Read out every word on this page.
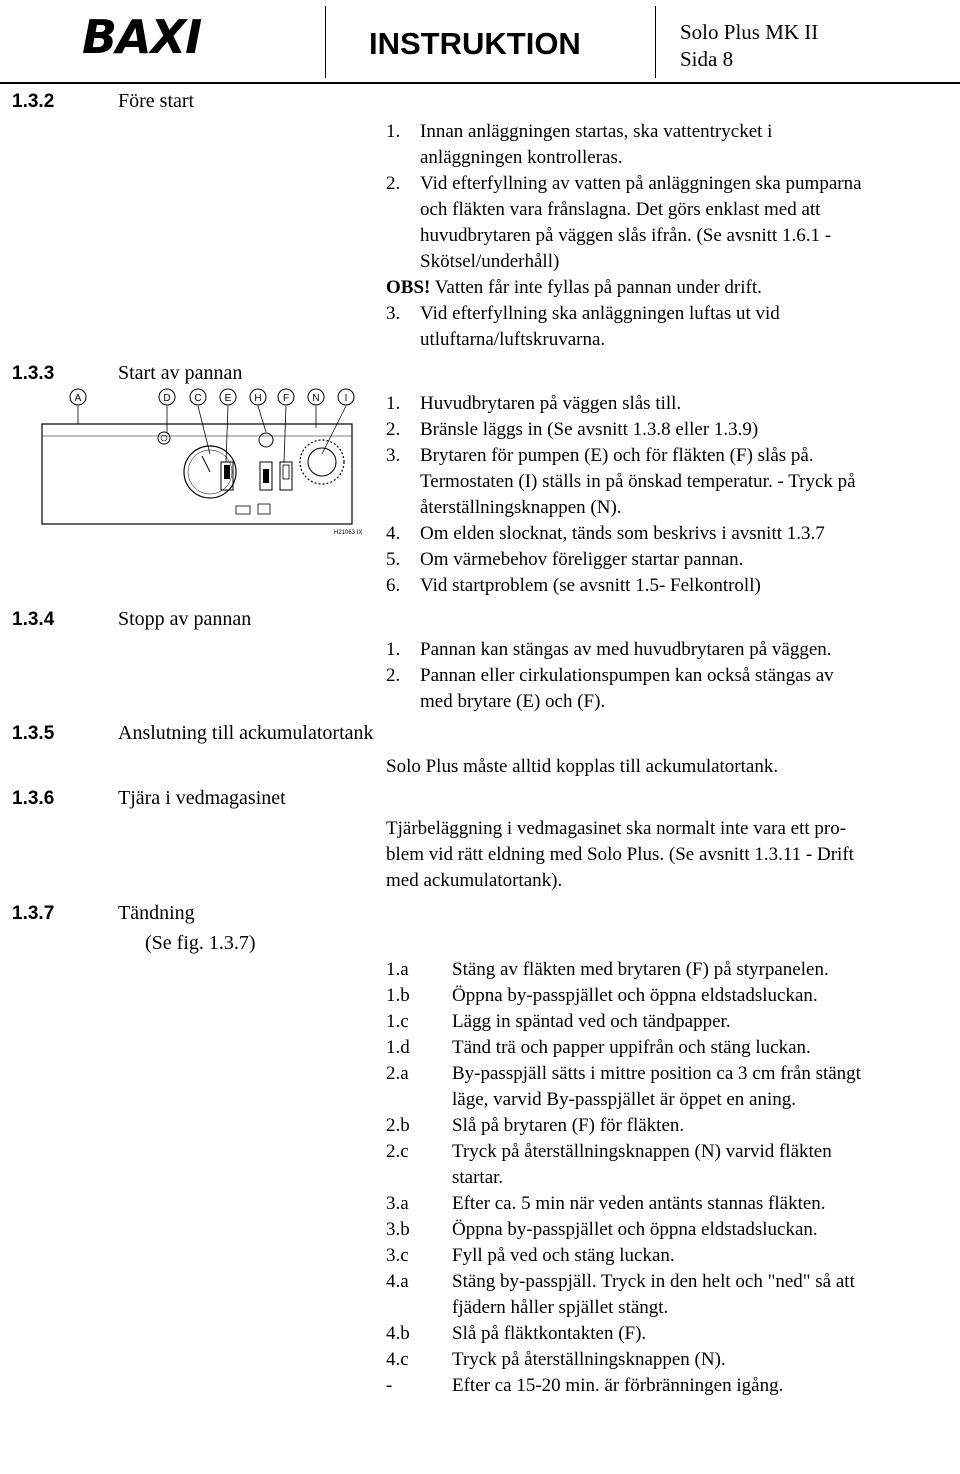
BAXI	INSTRUKTION	Solo Plus MK II
Sida 8
1.3.2	Före start
1. Innan anläggningen startas, ska vattentrycket i
anläggningen kontrolleras.
2. Vid efterfyllning av vatten på anläggningen ska pumparna
och fläkten vara frånslagna. Det görs enklast med att
huvudbrytaren på väggen slås ifrån. (Se avsnitt 1.6.1 -
Skötsel/underhåll)
OBS! Vatten får inte fyllas på pannan under drift.
3. Vid efterfyllning ska anläggningen luftas ut vid
utluftarna/luftskruvarna.
1.3.3	Start av pannan
A	D C E H F N I
H21063 IX
1. Huvudbrytaren på väggen slås till.
2. Bränsle läggs in (Se avsnitt 1.3.8 eller 1.3.9)
3. Brytaren för pumpen (E) och för fläkten (F) slås på.
Termostaten (I) ställs in på önskad temperatur. - Tryck på
återställningsknappen (N).
4. Om elden slocknat, tänds som beskrivs i avsnitt 1.3.7
5. Om värmebehov föreligger startar pannan.
6. Vid startproblem (se avsnitt 1.5- Felkontroll)
1.3.4	Stopp av pannan
1. Pannan kan stängas av med huvudbrytaren på väggen.
2. Pannan eller cirkulationspumpen kan också stängas av
med brytare (E) och (F).
1.3.5	Anslutning till ackumulatortank
Solo Plus måste alltid kopplas till ackumulatortank.
1.3.6	Tjära i vedmagasinet
Tjärbeläggning i vedmagasinet ska normalt inte vara ett pro-
blem vid rätt eldning med Solo Plus. (Se avsnitt 1.3.11 - Drift
med ackumulatortank).
1.3.7	Tändning
(Se fig. 1.3.7)
1.a Stäng av fläkten med brytaren (F) på styrpanelen.
1.b Öppna by-passpjället och öppna eldstadsluckan.
1.c Lägg in späntad ved och tändpapper.
1.d Tänd trä och papper uppifrån och stäng luckan.
2.a By-passpjäll sätts i mittre position ca 3 cm från stängt
läge, varvid By-passpjället är öppet en aning.
2.b Slå på brytaren (F) för fläkten.
2.c Tryck på återställningsknappen (N) varvid fläkten
startar.
3.a Efter ca. 5 min när veden antänts stannas fläkten.
3.b Öppna by-passpjället och öppna eldstadsluckan.
3.c Fyll på ved och stäng luckan.
4.a Stäng by-passpjäll. Tryck in den helt och "ned" så att
fjädern håller spjället stängt.
4.b Slå på fläktkontakten (F).
4.c Tryck på återställningsknappen (N).
-	Efter ca 15-20 min. är förbränningen igång.
